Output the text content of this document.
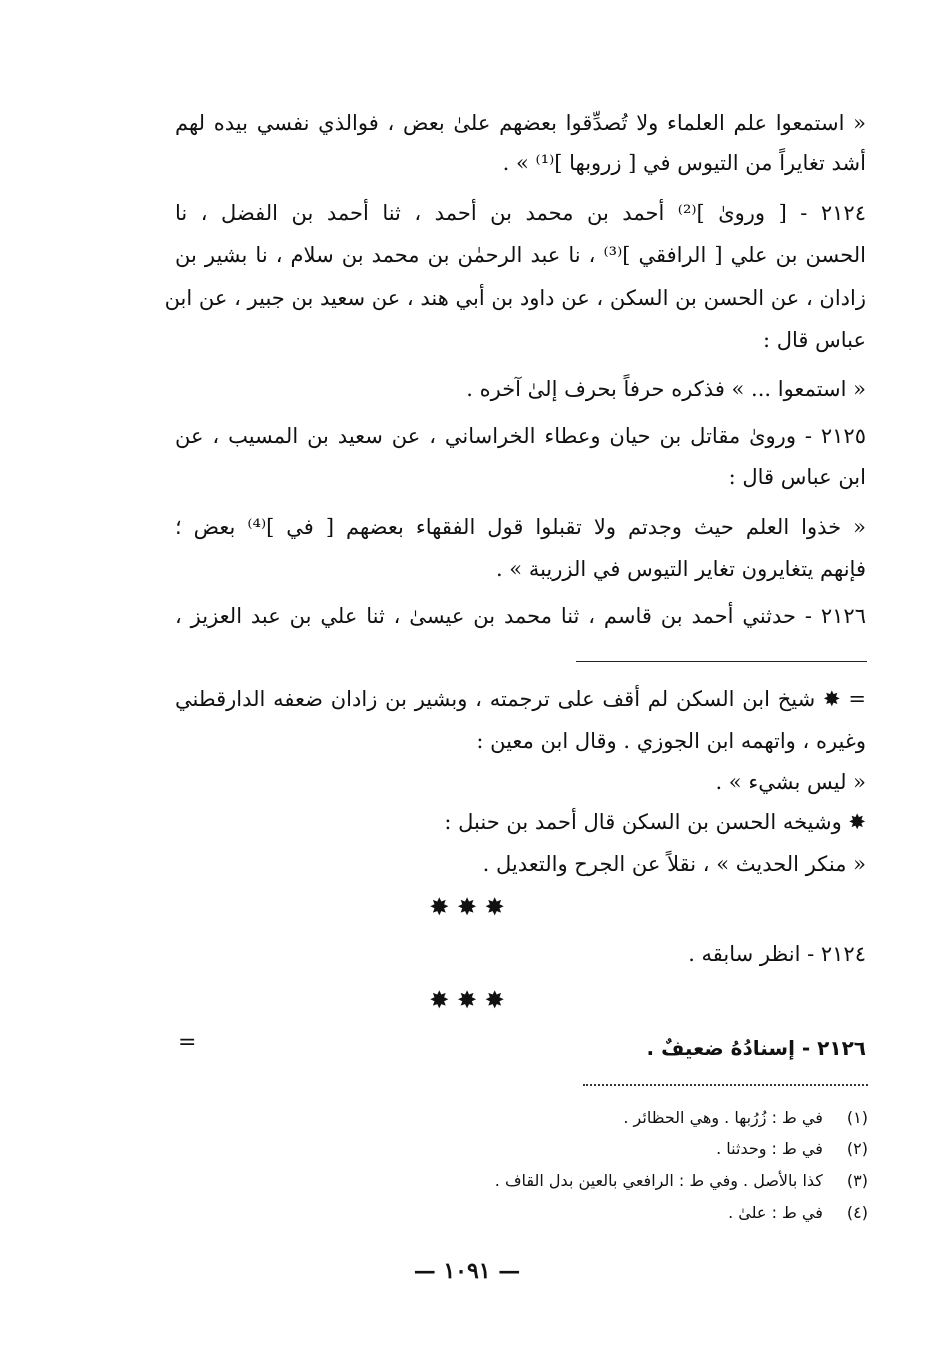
« استمعوا علم العلماء ولا تُصدِّقوا بعضهم علىٰ بعض ، فوالذي نفسي بيده لهم
أشد تغايراً من التيوس في [ زروبها ]⁽¹⁾ » .
٢١٢٤ - [ وروىٰ ]⁽²⁾ أحمد بن محمد بن أحمد ، ثنا أحمد بن الفضل ، نا
الحسن بن علي [ الرافقي ]⁽³⁾ ، نا عبد الرحمٰن بن محمد بن سلام ، نا بشير بن
زادان ، عن الحسن بن السكن ، عن داود بن أبي هند ، عن سعيد بن جبير ، عن ابن
عباس قال :
« استمعوا ... » فذكره حرفاً بحرف إلىٰ آخره .
٢١٢٥ - وروىٰ مقاتل بن حيان وعطاء الخراساني ، عن سعيد بن المسيب ، عن
ابن عباس قال :
« خذوا العلم حيث وجدتم ولا تقبلوا قول الفقهاء بعضهم [ في ]⁽⁴⁾ بعض ؛
فإنهم يتغايرون تغاير التيوس في الزريبة » .
٢١٢٦ - حدثني أحمد بن قاسم ، ثنا محمد بن عيسىٰ ، ثنا علي بن عبد العزيز ،
= ✸ شيخ ابن السكن لم أقف على ترجمته ، وبشير بن زادان ضعفه الدارقطني
وغيره ، واتهمه ابن الجوزي . وقال ابن معين :
« ليس بشيء » .
✸ وشيخه الحسن بن السكن قال أحمد بن حنبل :
« منكر الحديث » ، نقلاً عن الجرح والتعديل .
✸ ✸ ✸
٢١٢٤ - انظر سابقه .
✸ ✸ ✸
٢١٢٦ - إسنادُهُ ضعيفٌ .
=
(١) في ط : زُرُبها . وهي الحظائر .
(٢) في ط : وحدثنا .
(٣) كذا بالأصل . وفي ط : الرافعي بالعين بدل القاف .
(٤) في ط : علىٰ .
— ١٠٩١ —
